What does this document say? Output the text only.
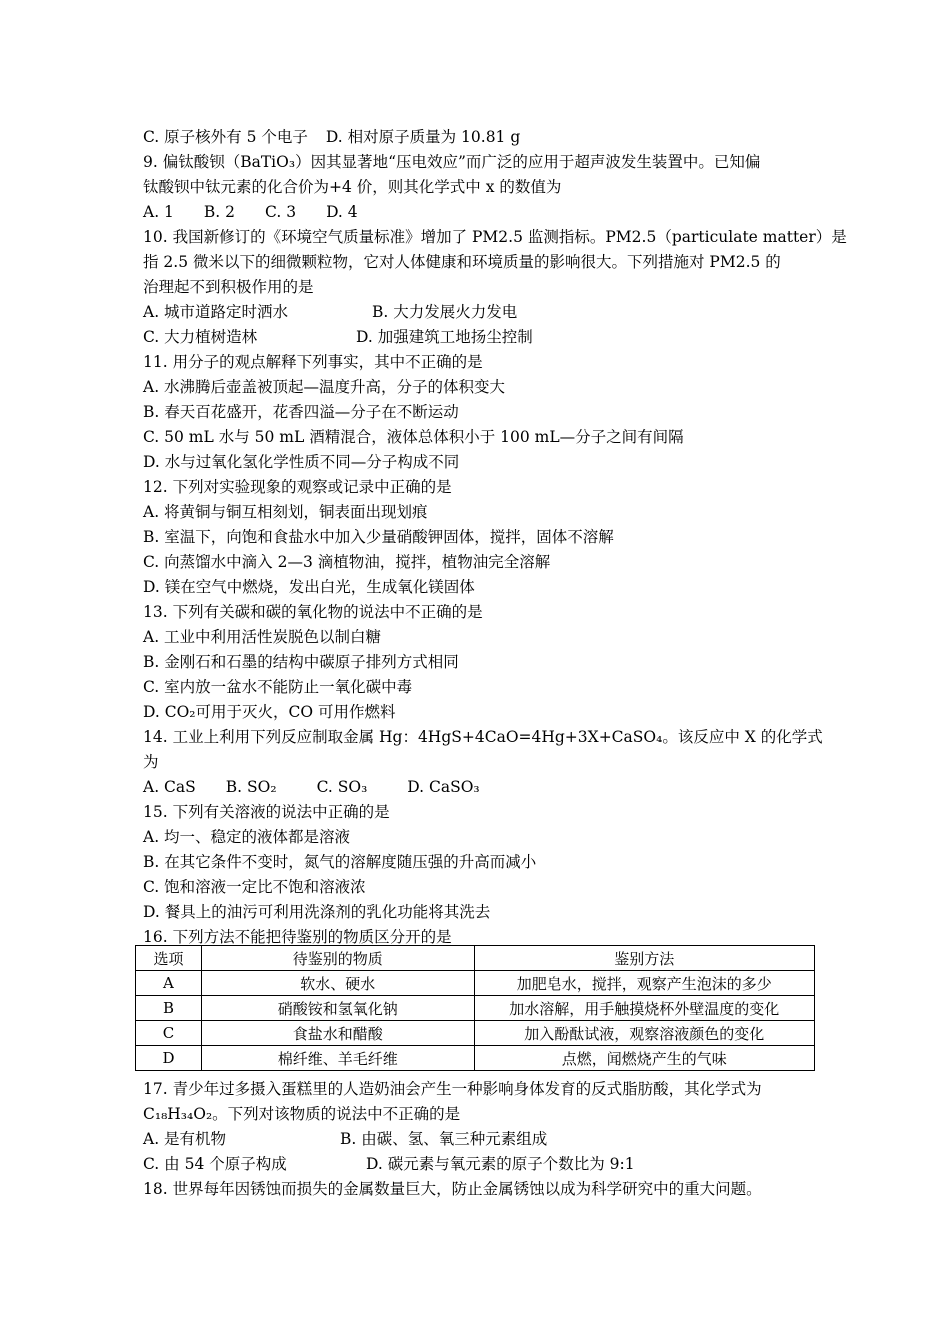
C. 原子核外有 5 个电子 D. 相对原子质量为 10.81 g
9. 偏钛酸钡（BaTiO₃）因其显著地“压电效应”而广泛的应用于超声波发生装置中。已知偏
钛酸钡中钛元素的化合价为+4 价，则其化学式中 x 的数值为
A. 1 B. 2 C. 3 D. 4
10. 我国新修订的《环境空气质量标准》增加了 PM2.5 监测指标。PM2.5（particulate matter）是
指 2.5 微米以下的细微颗粒物，它对人体健康和环境质量的影响很大。下列措施对 PM2.5 的
治理起不到积极作用的是
A. 城市道路定时洒水	B. 大力发展火力发电
C. 大力植树造林	D. 加强建筑工地扬尘控制
11. 用分子的观点解释下列事实，其中不正确的是
A. 水沸腾后壶盖被顶起—温度升高，分子的体积变大
B. 春天百花盛开，花香四溢—分子在不断运动
C. 50 mL 水与 50 mL 酒精混合，液体总体积小于 100 mL—分子之间有间隔
D. 水与过氧化氢化学性质不同—分子构成不同
12. 下列对实验现象的观察或记录中正确的是
A. 将黄铜与铜互相刻划，铜表面出现划痕
B. 室温下，向饱和食盐水中加入少量硝酸钾固体，搅拌，固体不溶解
C. 向蒸馏水中滴入 2—3 滴植物油，搅拌，植物油完全溶解
D. 镁在空气中燃烧，发出白光，生成氧化镁固体
13. 下列有关碳和碳的氧化物的说法中不正确的是
A. 工业中利用活性炭脱色以制白糖
B. 金刚石和石墨的结构中碳原子排列方式相同
C. 室内放一盆水不能防止一氧化碳中毒
D. CO₂可用于灭火，CO 可用作燃料
14. 工业上利用下列反应制取金属 Hg：4HgS+4CaO=4Hg+3X+CaSO₄。该反应中 X 的化学式
为
A. CaS B. SO₂	C. SO₃	D. CaSO₃
15. 下列有关溶液的说法中正确的是
A. 均一、稳定的液体都是溶液
B. 在其它条件不变时，氮气的溶解度随压强的升高而减小
C. 饱和溶液一定比不饱和溶液浓
D. 餐具上的油污可利用洗涤剂的乳化功能将其洗去
16. 下列方法不能把待鉴别的物质区分开的是
选项	待鉴别的物质	鉴别方法
A	软水、硬水	加肥皂水，搅拌，观察产生泡沫的多少
B	硝酸铵和氢氧化钠	加水溶解，用手触摸烧杯外壁温度的变化
C	食盐水和醋酸	加入酚酞试液，观察溶液颜色的变化
D	棉纤维、羊毛纤维	点燃，闻燃烧产生的气味
17. 青少年过多摄入蛋糕里的人造奶油会产生一种影响身体发育的反式脂肪酸，其化学式为
C₁₈H₃₄O₂。下列对该物质的说法中不正确的是
A. 是有机物	B. 由碳、氢、氧三种元素组成
C. 由 54 个原子构成	D. 碳元素与氧元素的原子个数比为 9:1
18. 世界每年因锈蚀而损失的金属数量巨大，防止金属锈蚀以成为科学研究中的重大问题。
